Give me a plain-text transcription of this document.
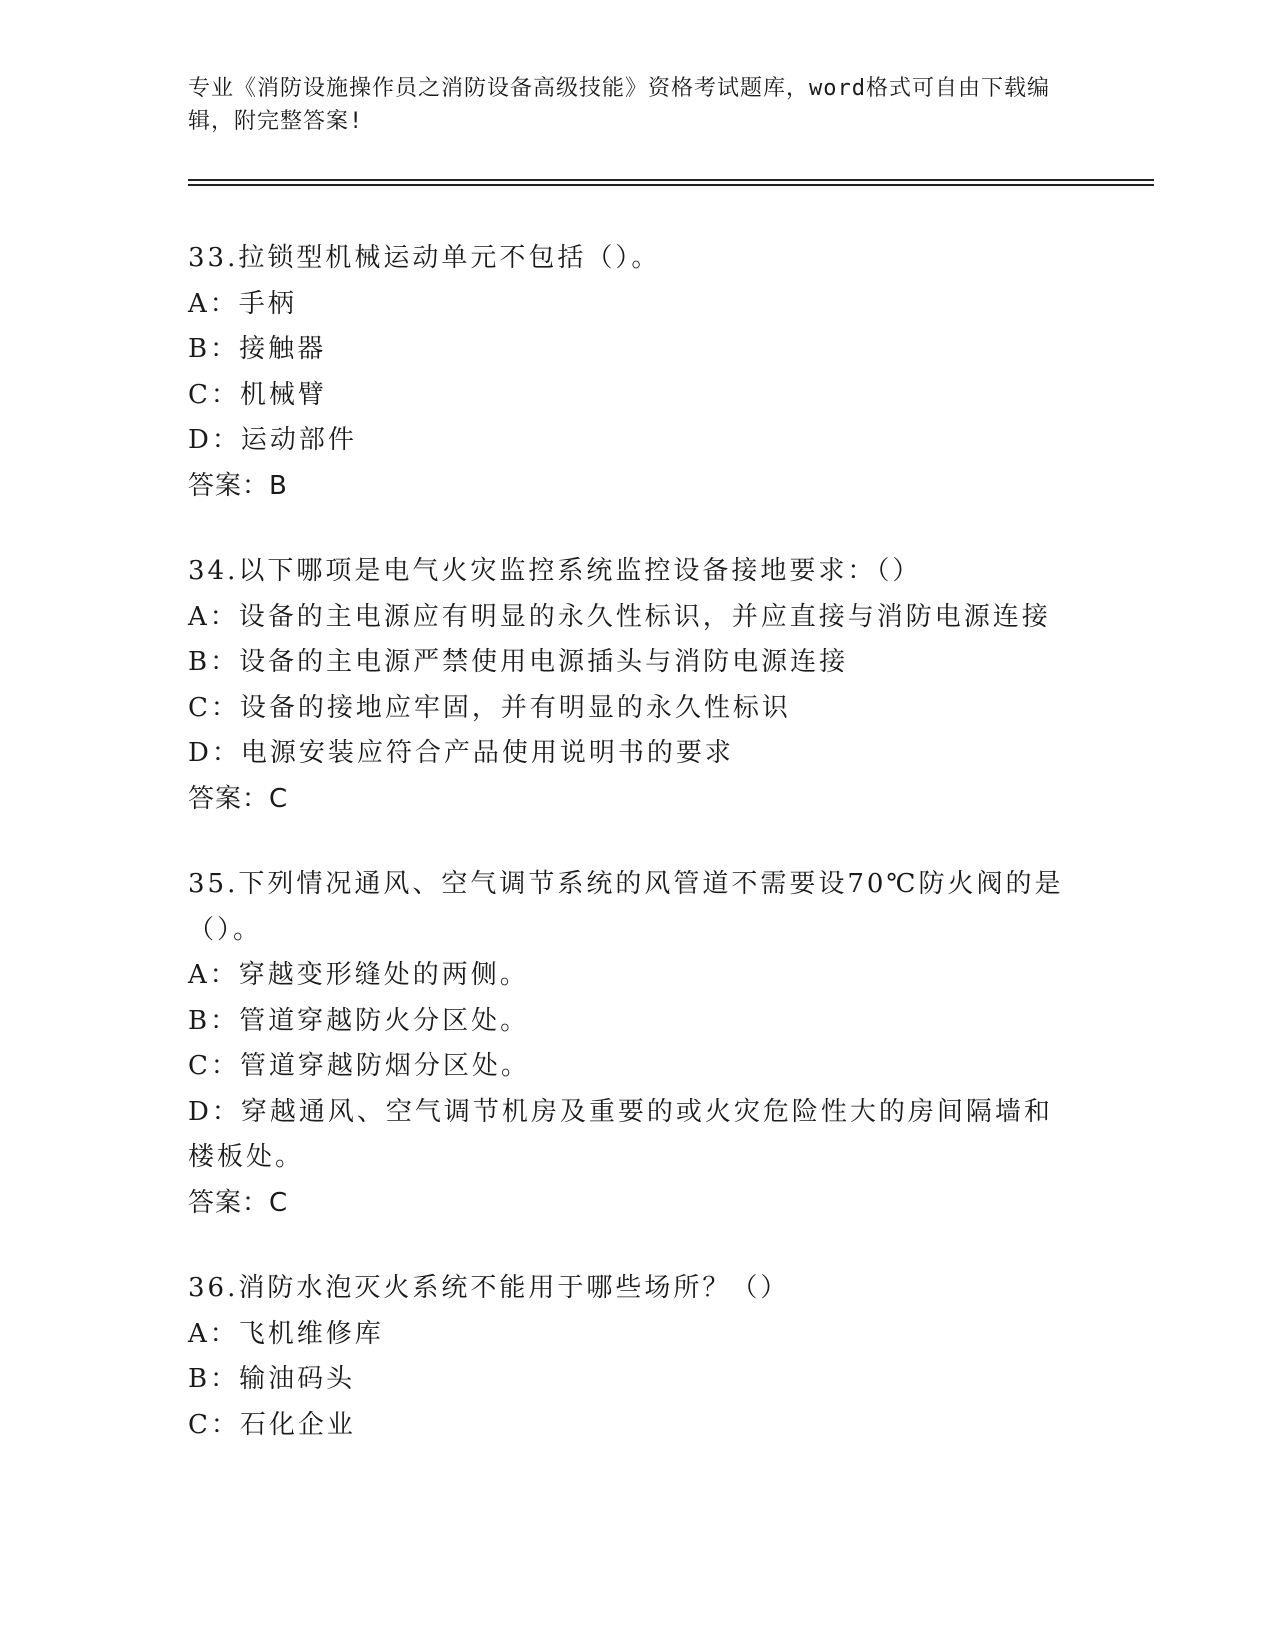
专业《消防设施操作员之消防设备高级技能》资格考试题库，word格式可自由下载编辑，附完整答案!

33.拉锁型机械运动单元不包括（）。

A：手柄

B：接触器

C：机械臂

D：运动部件

答案：B

34.以下哪项是电气火灾监控系统监控设备接地要求：（）

A：设备的主电源应有明显的永久性标识，并应直接与消防电源连接

B：设备的主电源严禁使用电源插头与消防电源连接

C：设备的接地应牢固，并有明显的永久性标识

D：电源安装应符合产品使用说明书的要求

答案：C

35.下列情况通风、空气调节系统的风管道不需要设70℃防火阀的是（）。

A：穿越变形缝处的两侧。

B：管道穿越防火分区处。

C：管道穿越防烟分区处。

D：穿越通风、空气调节机房及重要的或火灾危险性大的房间隔墙和楼板处。

答案：C

36.消防水泡灭火系统不能用于哪些场所？（）

A：飞机维修库

B：输油码头

C：石化企业
